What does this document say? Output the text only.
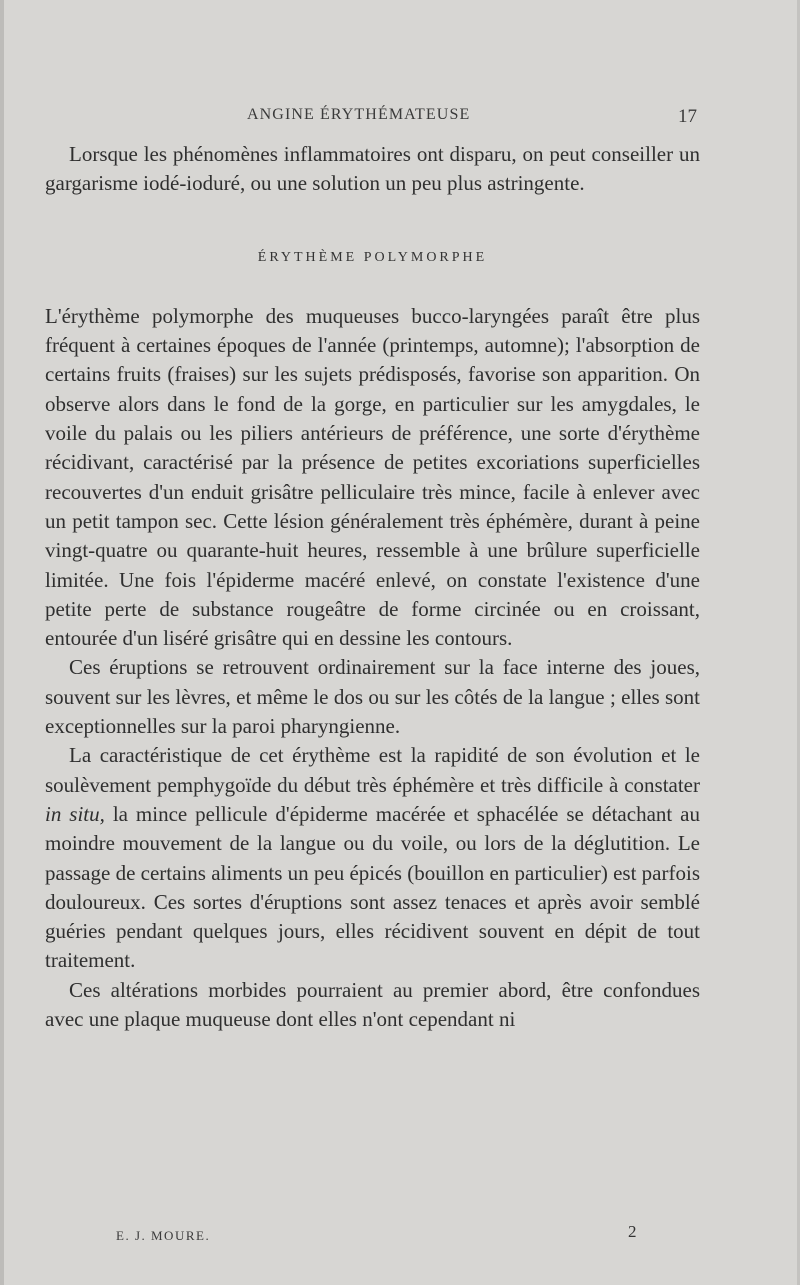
ANGINE ÉRYTHÉMATEUSE	17

Lorsque les phénomènes inflammatoires ont disparu, on peut conseiller un gargarisme iodé-ioduré, ou une solution un peu plus astringente.

ÉRYTHÈME POLYMORPHE

L'érythème polymorphe des muqueuses bucco-laryngées paraît être plus fréquent à certaines époques de l'année (printemps, automne); l'absorption de certains fruits (fraises) sur les sujets prédisposés, favorise son apparition. On observe alors dans le fond de la gorge, en particulier sur les amygdales, le voile du palais ou les piliers antérieurs de préférence, une sorte d'érythème récidivant, caractérisé par la présence de petites excoriations superficielles recouvertes d'un enduit grisâtre pelliculaire très mince, facile à enlever avec un petit tampon sec. Cette lésion généralement très éphémère, durant à peine vingt-quatre ou quarante-huit heures, ressemble à une brûlure superficielle limitée. Une fois l'épiderme macéré enlevé, on constate l'existence d'une petite perte de substance rougeâtre de forme circinée ou en croissant, entourée d'un liséré grisâtre qui en dessine les contours.

Ces éruptions se retrouvent ordinairement sur la face interne des joues, souvent sur les lèvres, et même le dos ou sur les côtés de la langue ; elles sont exceptionnelles sur la paroi pharyngienne.

La caractéristique de cet érythème est la rapidité de son évolution et le soulèvement pemphygoïde du début très éphémère et très difficile à constater in situ, la mince pellicule d'épiderme macérée et sphacélée se détachant au moindre mouvement de la langue ou du voile, ou lors de la déglutition. Le passage de certains aliments un peu épicés (bouillon en particulier) est parfois douloureux. Ces sortes d'éruptions sont assez tenaces et après avoir semblé guéries pendant quelques jours, elles récidivent souvent en dépit de tout traitement.

Ces altérations morbides pourraient au premier abord, être confondues avec une plaque muqueuse dont elles n'ont cependant ni

E. J. MOURE.	2
